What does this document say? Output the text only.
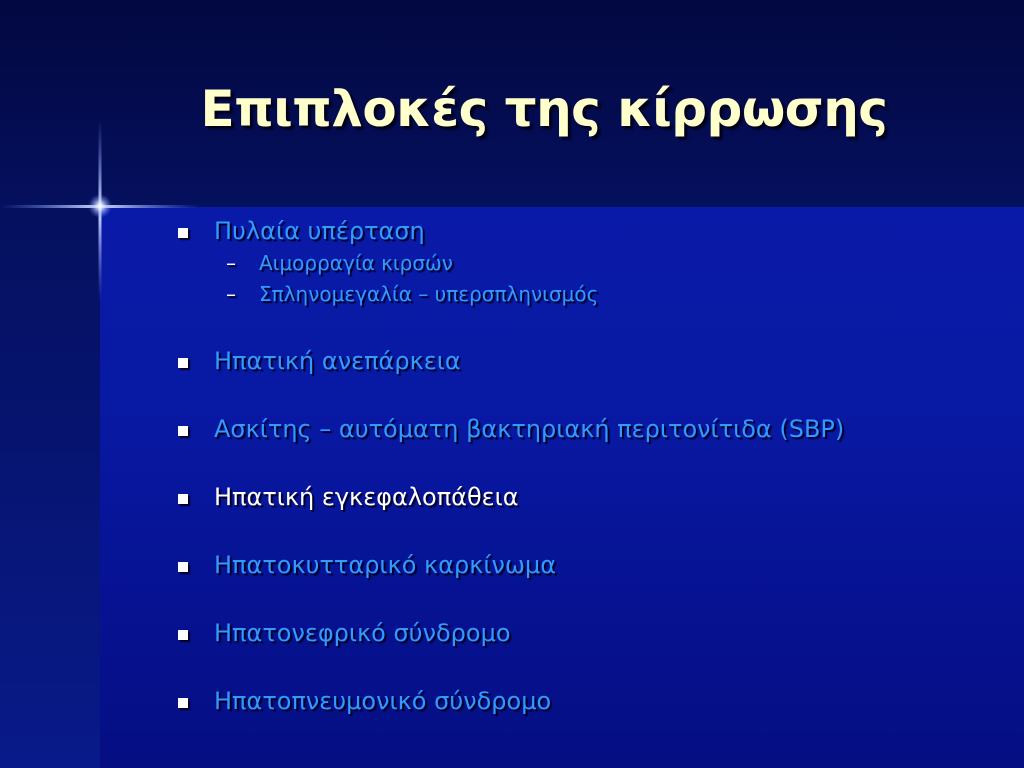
Επιπλοκές της κίρρωσης
Πυλαία υπέρταση
– Αιμορραγία κιρσών
– Σπληνομεγαλία – υπερσπληνισμός
Ηπατική ανεπάρκεια
Ασκίτης – αυτόματη βακτηριακή περιτονίτιδα (SBP)
Ηπατική εγκεφαλοπάθεια
Ηπατοκυτταρικό καρκίνωμα
Ηπατονεφρικό σύνδρομο
Ηπατοπνευμονικό σύνδρομο
